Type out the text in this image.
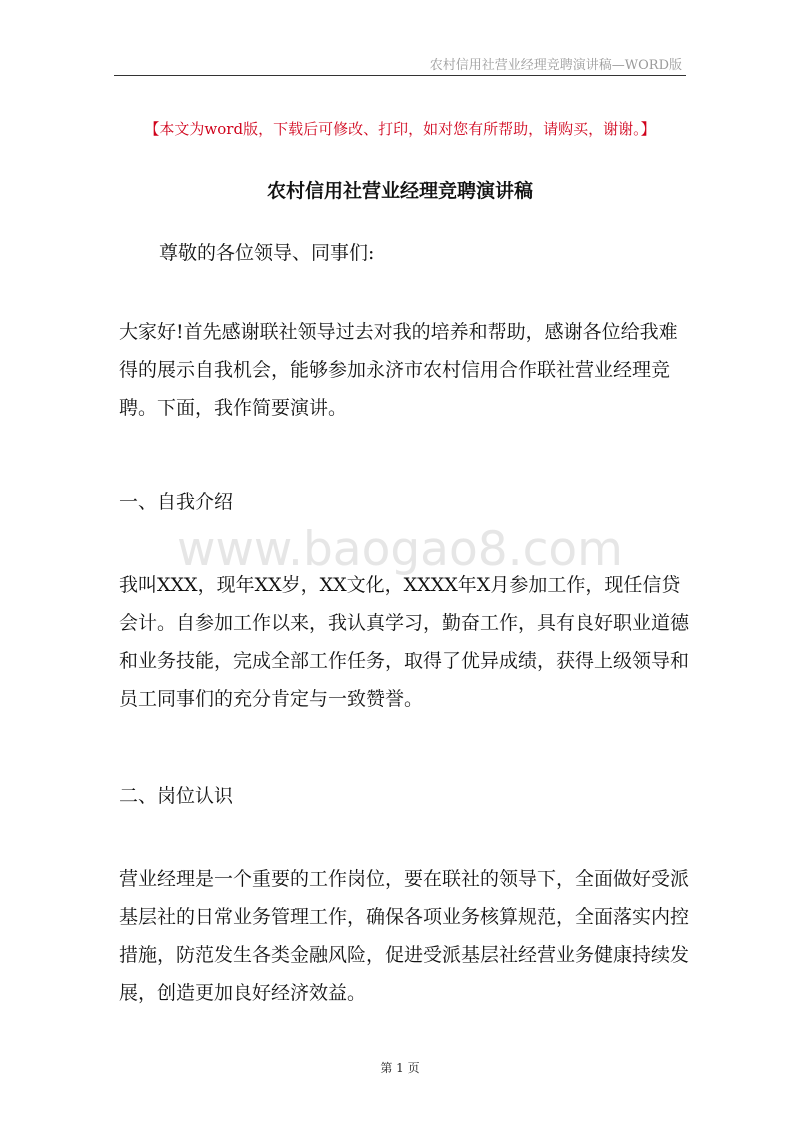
农村信用社营业经理竞聘演讲稿—WORD版
【本文为word版，下载后可修改、打印，如对您有所帮助，请购买，谢谢。】
农村信用社营业经理竞聘演讲稿

尊敬的各位领导、同事们:

大家好!首先感谢联社领导过去对我的培养和帮助，感谢各位给我难得的展示自我机会，能够参加永济市农村信用合作联社营业经理竞聘。下面，我作简要演讲。

一、自我介绍

www.baogao8.com

我叫XXX，现年XX岁，XX文化，XXXX年X月参加工作，现任信贷会计。自参加工作以来，我认真学习，勤奋工作，具有良好职业道德和业务技能，完成全部工作任务，取得了优异成绩，获得上级领导和员工同事们的充分肯定与一致赞誉。

二、岗位认识

营业经理是一个重要的工作岗位，要在联社的领导下，全面做好受派基层社的日常业务管理工作，确保各项业务核算规范，全面落实内控措施，防范发生各类金融风险，促进受派基层社经营业务健康持续发展，创造更加良好经济效益。

第 1 页
